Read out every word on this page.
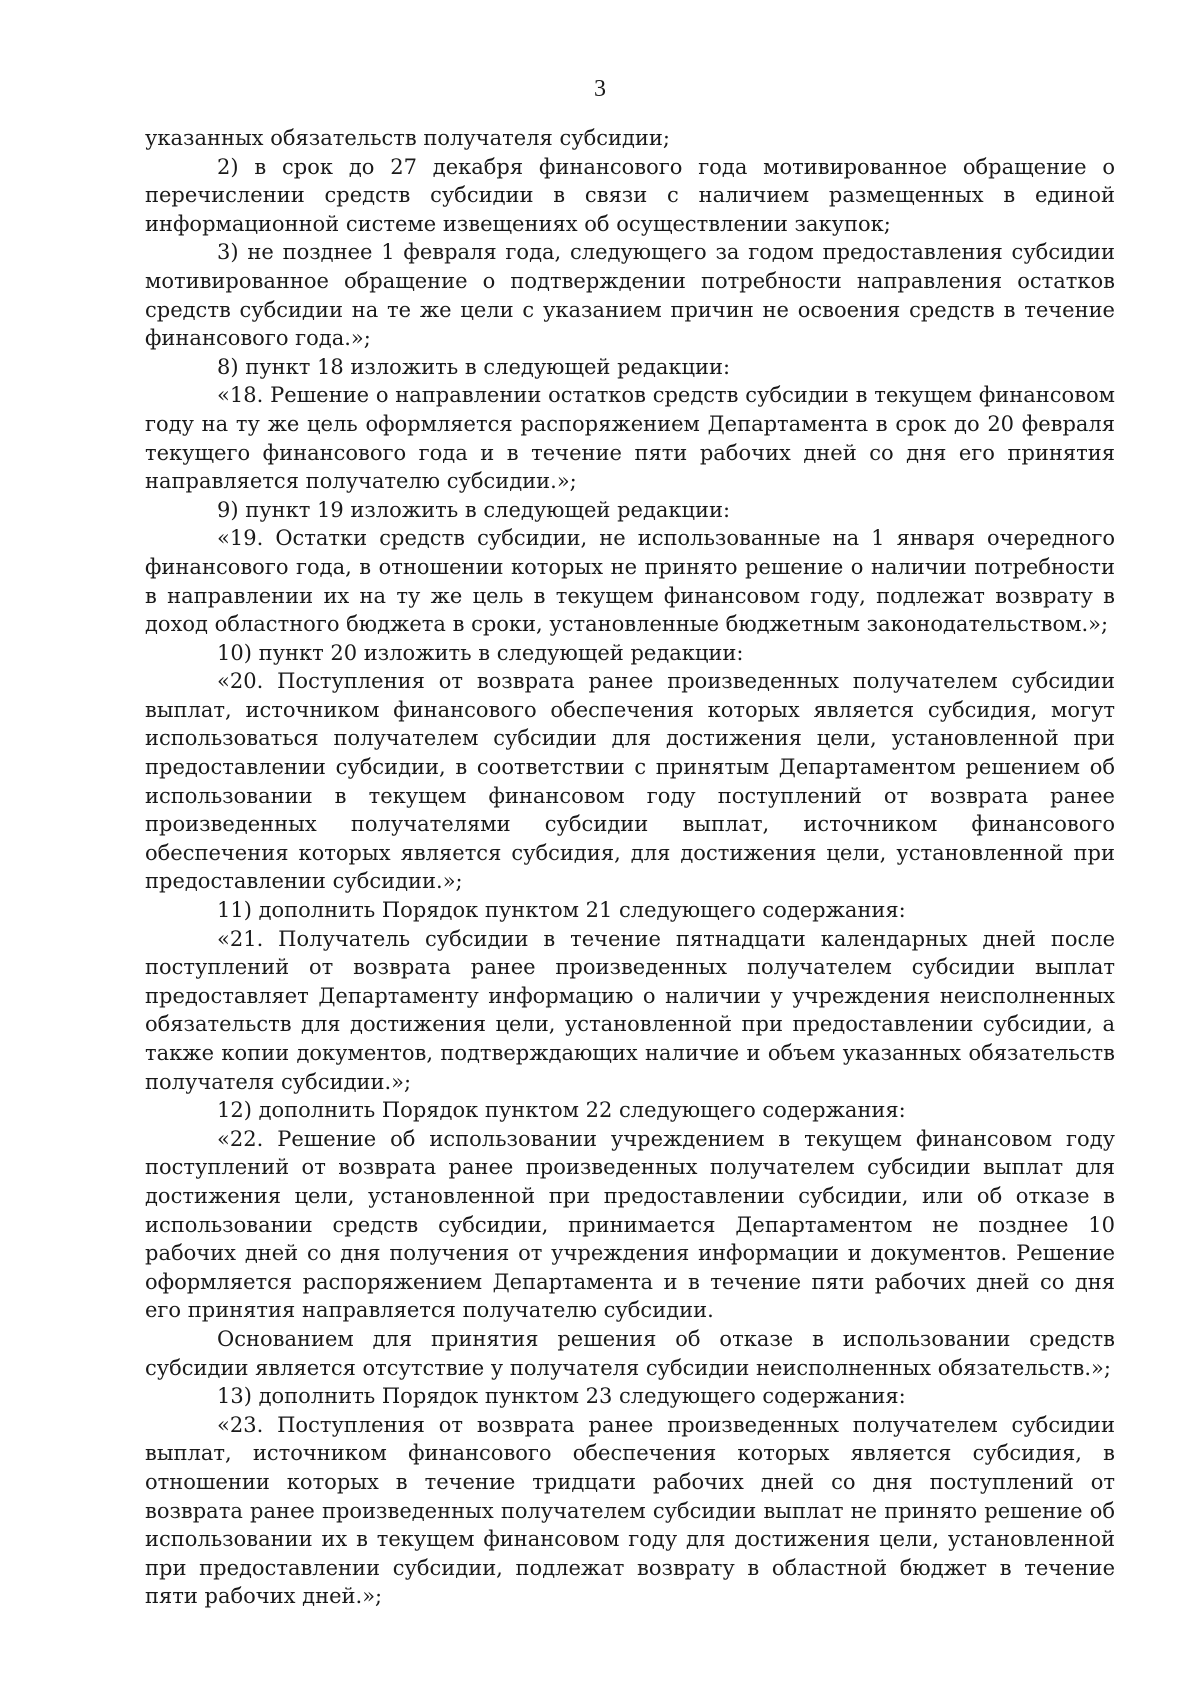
3

указанных обязательств получателя субсидии;

2) в срок до 27 декабря финансового года мотивированное обращение о перечислении средств субсидии в связи с наличием размещенных в единой информационной системе извещениях об осуществлении закупок;

3) не позднее 1 февраля года, следующего за годом предоставления субсидии мотивированное обращение о подтверждении потребности направления остатков средств субсидии на те же цели с указанием причин не освоения средств в течение финансового года.»;

8) пункт 18 изложить в следующей редакции:

«18. Решение о направлении остатков средств субсидии в текущем финансовом году на ту же цель оформляется распоряжением Департамента в срок до 20 февраля текущего финансового года и в течение пяти рабочих дней со дня его принятия направляется получателю субсидии.»;

9) пункт 19 изложить в следующей редакции:

«19. Остатки средств субсидии, не использованные на 1 января очередного финансового года, в отношении которых не принято решение о наличии потребности в направлении их на ту же цель в текущем финансовом году, подлежат возврату в доход областного бюджета в сроки, установленные бюджетным законодательством.»;

10) пункт 20 изложить в следующей редакции:

«20. Поступления от возврата ранее произведенных получателем субсидии выплат, источником финансового обеспечения которых является субсидия, могут использоваться получателем субсидии для достижения цели, установленной при предоставлении субсидии, в соответствии с принятым Департаментом решением об использовании в текущем финансовом году поступлений от возврата ранее произведенных получателями субсидии выплат, источником финансового обеспечения которых является субсидия, для достижения цели, установленной при предоставлении субсидии.»;

11) дополнить Порядок пунктом 21 следующего содержания:

«21. Получатель субсидии в течение пятнадцати календарных дней после поступлений от возврата ранее произведенных получателем субсидии выплат предоставляет Департаменту информацию о наличии у учреждения неисполненных обязательств для достижения цели, установленной при предоставлении субсидии, а также копии документов, подтверждающих наличие и объем указанных обязательств получателя субсидии.»;

12) дополнить Порядок пунктом 22 следующего содержания:

«22. Решение об использовании учреждением в текущем финансовом году поступлений от возврата ранее произведенных получателем субсидии выплат для достижения цели, установленной при предоставлении субсидии, или об отказе в использовании средств субсидии, принимается Департаментом не позднее 10 рабочих дней со дня получения от учреждения информации и документов. Решение оформляется распоряжением Департамента и в течение пяти рабочих дней со дня его принятия направляется получателю субсидии.

Основанием для принятия решения об отказе в использовании средств субсидии является отсутствие у получателя субсидии неисполненных обязательств.»;

13) дополнить Порядок пунктом 23 следующего содержания:

«23. Поступления от возврата ранее произведенных получателем субсидии выплат, источником финансового обеспечения которых является субсидия, в отношении которых в течение тридцати рабочих дней со дня поступлений от возврата ранее произведенных получателем субсидии выплат не принято решение об использовании их в текущем финансовом году для достижения цели, установленной при предоставлении субсидии, подлежат возврату в областной бюджет в течение пяти рабочих дней.»;
